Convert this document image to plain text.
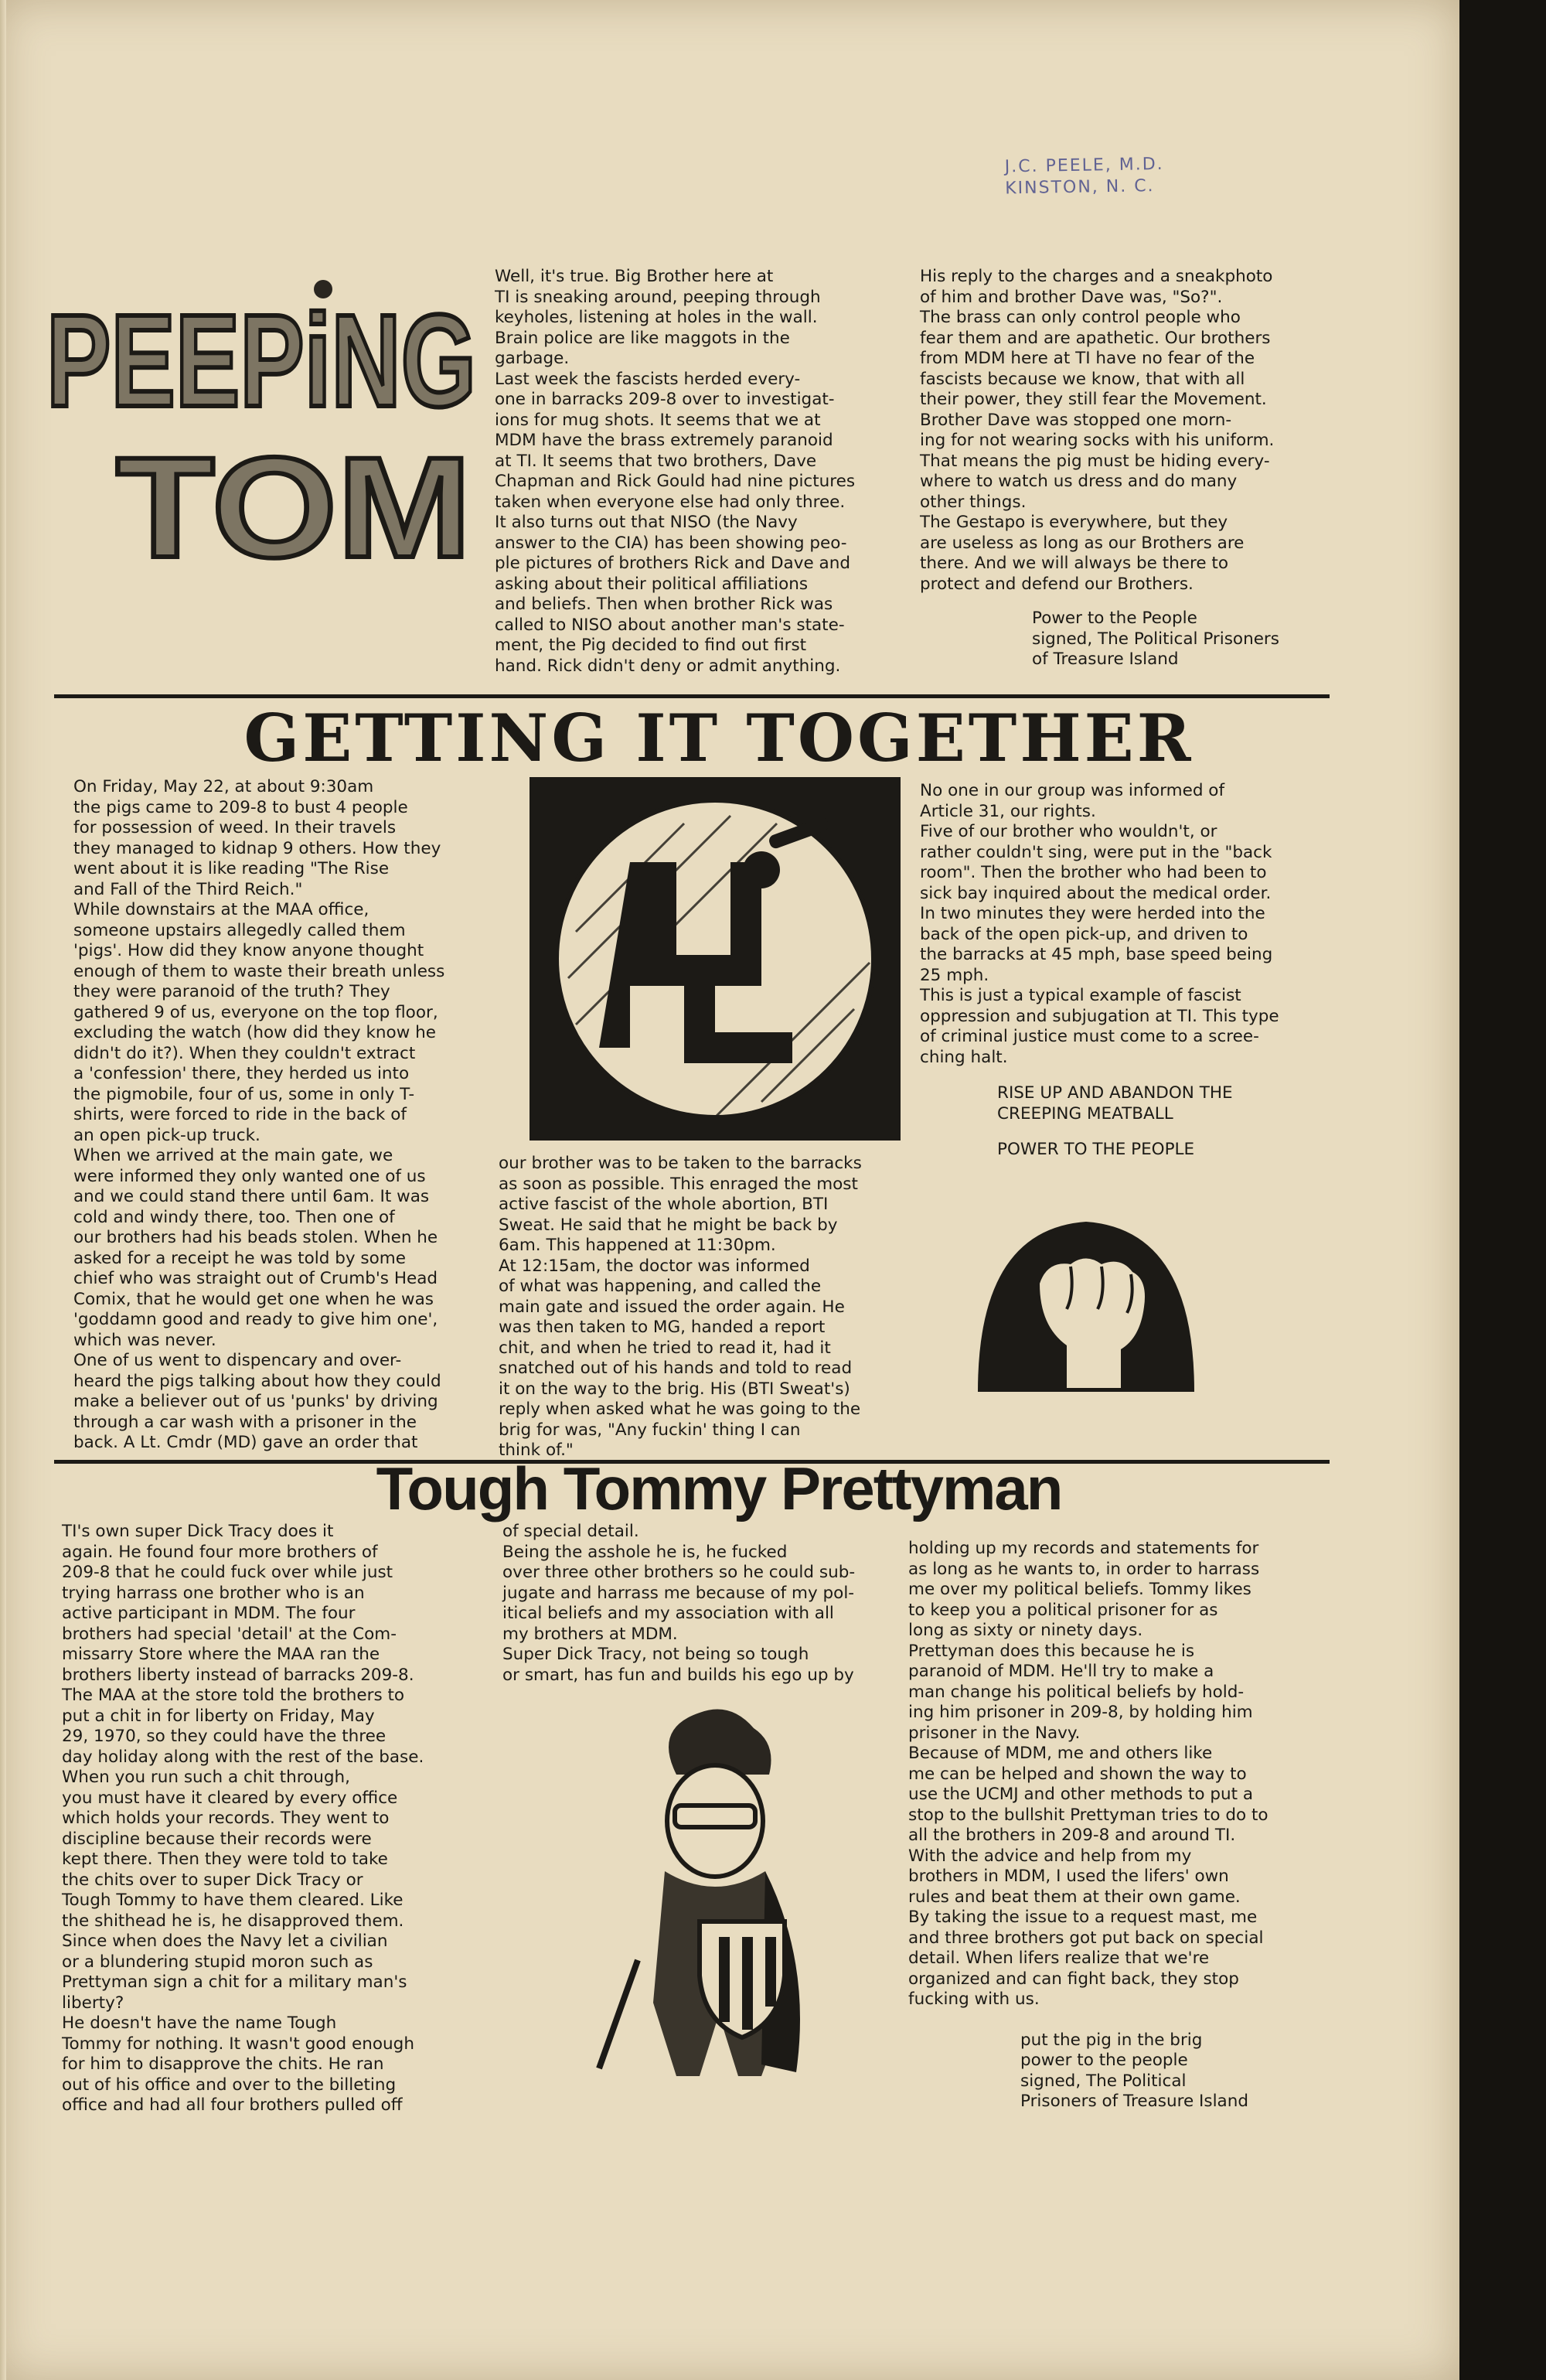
J.C. PEELE, M.D.
KINSTON, N. C.
PEEPiNG
TOM

Well, it's true. Big Brother here at
TI is sneaking around, peeping through
keyholes, listening at holes in the wall.
Brain police are like maggots in the
garbage.
Last week the fascists herded every-
one in barracks 209-8 over to investigat-
ions for mug shots. It seems that we at
MDM have the brass extremely paranoid
at TI. It seems that two brothers, Dave
Chapman and Rick Gould had nine pictures
taken when everyone else had only three.
It also turns out that NISO (the Navy
answer to the CIA) has been showing peo-
ple pictures of brothers Rick and Dave and
asking about their political affiliations
and beliefs. Then when brother Rick was
called to NISO about another man's state-
ment, the Pig decided to find out first
hand. Rick didn't deny or admit anything.

His reply to the charges and a sneakphoto
of him and brother Dave was, "So?".
The brass can only control people who
fear them and are apathetic. Our brothers
from MDM here at TI have no fear of the
fascists because we know, that with all
their power, they still fear the Movement.
Brother Dave was stopped one morn-
ing for not wearing socks with his uniform.
That means the pig must be hiding every-
where to watch us dress and do many
other things.
The Gestapo is everywhere, but they
are useless as long as our Brothers are
there. And we will always be there to
protect and defend our Brothers.

Power to the People

signed, The Political Prisoners

of Treasure Island

GETTING IT TOGETHER

On Friday, May 22, at about 9:30am
the pigs came to 209-8 to bust 4 people
for possession of weed. In their travels
they managed to kidnap 9 others. How they
went about it is like reading "The Rise
and Fall of the Third Reich."
While downstairs at the MAA office,
someone upstairs allegedly called them
'pigs'. How did they know anyone thought
enough of them to waste their breath unless
they were paranoid of the truth? They
gathered 9 of us, everyone on the top floor,
excluding the watch (how did they know he
didn't do it?). When they couldn't extract
a 'confession' there, they herded us into
the pigmobile, four of us, some in only T-
shirts, were forced to ride in the back of
an open pick-up truck.
When we arrived at the main gate, we
were informed they only wanted one of us
and we could stand there until 6am. It was
cold and windy there, too. Then one of
our brothers had his beads stolen. When he
asked for a receipt he was told by some
chief who was straight out of Crumb's Head
Comix, that he would get one when he was
'goddamn good and ready to give him one',
which was never.
One of us went to dispencary and over-
heard the pigs talking about how they could
make a believer out of us 'punks' by driving
through a car wash with a prisoner in the
back. A Lt. Cmdr (MD) gave an order that

our brother was to be taken to the barracks
as soon as possible. This enraged the most
active fascist of the whole abortion, BTI
Sweat. He said that he might be back by
6am. This happened at 11:30pm.
At 12:15am, the doctor was informed
of what was happening, and called the
main gate and issued the order again. He
was then taken to MG, handed a report
chit, and when he tried to read it, had it
snatched out of his hands and told to read
it on the way to the brig. His (BTI Sweat's)
reply when asked what he was going to the
brig for was, "Any fuckin' thing I can
think of."

No one in our group was informed of
Article 31, our rights.
Five of our brother who wouldn't, or
rather couldn't sing, were put in the "back
room". Then the brother who had been to
sick bay inquired about the medical order.
In two minutes they were herded into the
back of the open pick-up, and driven to
the barracks at 45 mph, base speed being
25 mph.
This is just a typical example of fascist
oppression and subjugation at TI. This type
of criminal justice must come to a scree-
ching halt.

RISE UP AND ABANDON THE
CREEPING MEATBALL

POWER TO THE PEOPLE

Tough Tommy Prettyman

TI's own super Dick Tracy does it
again. He found four more brothers of
209-8 that he could fuck over while just
trying harrass one brother who is an
active participant in MDM. The four
brothers had special 'detail' at the Com-
missarry Store where the MAA ran the
brothers liberty instead of barracks 209-8.
The MAA at the store told the brothers to
put a chit in for liberty on Friday, May
29, 1970, so they could have the three
day holiday along with the rest of the base.
When you run such a chit through,
you must have it cleared by every office
which holds your records. They went to
discipline because their records were
kept there. Then they were told to take
the chits over to super Dick Tracy or
Tough Tommy to have them cleared. Like
the shithead he is, he disapproved them.
Since when does the Navy let a civilian
or a blundering stupid moron such as
Prettyman sign a chit for a military man's
liberty?
He doesn't have the name Tough
Tommy for nothing. It wasn't good enough
for him to disapprove the chits. He ran
out of his office and over to the billeting
office and had all four brothers pulled off

of special detail.
Being the asshole he is, he fucked
over three other brothers so he could sub-
jugate and harrass me because of my pol-
itical beliefs and my association with all
my brothers at MDM.
Super Dick Tracy, not being so tough
or smart, has fun and builds his ego up by

holding up my records and statements for
as long as he wants to, in order to harrass
me over my political beliefs. Tommy likes
to keep you a political prisoner for as
long as sixty or ninety days.
Prettyman does this because he is
paranoid of MDM. He'll try to make a
man change his political beliefs by hold-
ing him prisoner in 209-8, by holding him
prisoner in the Navy.
Because of MDM, me and others like
me can be helped and shown the way to
use the UCMJ and other methods to put a
stop to the bullshit Prettyman tries to do to
all the brothers in 209-8 and around TI.
With the advice and help from my
brothers in MDM, I used the lifers' own
rules and beat them at their own game.
By taking the issue to a request mast, me
and three brothers got put back on special
detail. When lifers realize that we're
organized and can fight back, they stop
fucking with us.

put the pig in the brig

power to the people

signed, The Political

Prisoners of Treasure Island
